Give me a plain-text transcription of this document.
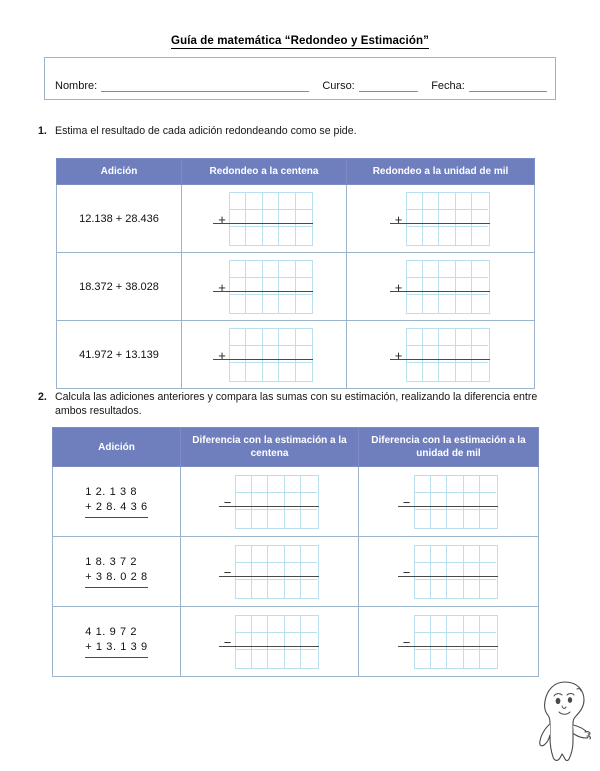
Guía de matemática “Redondeo y Estimación”
Nombre:	Curso:	Fecha:
1. Estima el resultado de cada adición redondeando como se pide.
Adición	Redondeo a la centena	Redondeo a la unidad de mil
12.138 + 28.436	+	+

18.372 + 38.028	+	+

41.972 + 13.139	+	+
2. Calcula las adiciones anteriores y compara las sumas con su estimación, realizando la diferencia entre ambos resultados.
Adición	Diferencia con la estimación a la centena	Diferencia con la estimación a la unidad de mil

1 2. 1 3 8
+ 2 8. 4 3 6	−	−

1 8. 3 7 2
+ 3 8. 0 2 8	−	−

4 1. 9 7 2
+ 1 3. 1 3 9	−	−
